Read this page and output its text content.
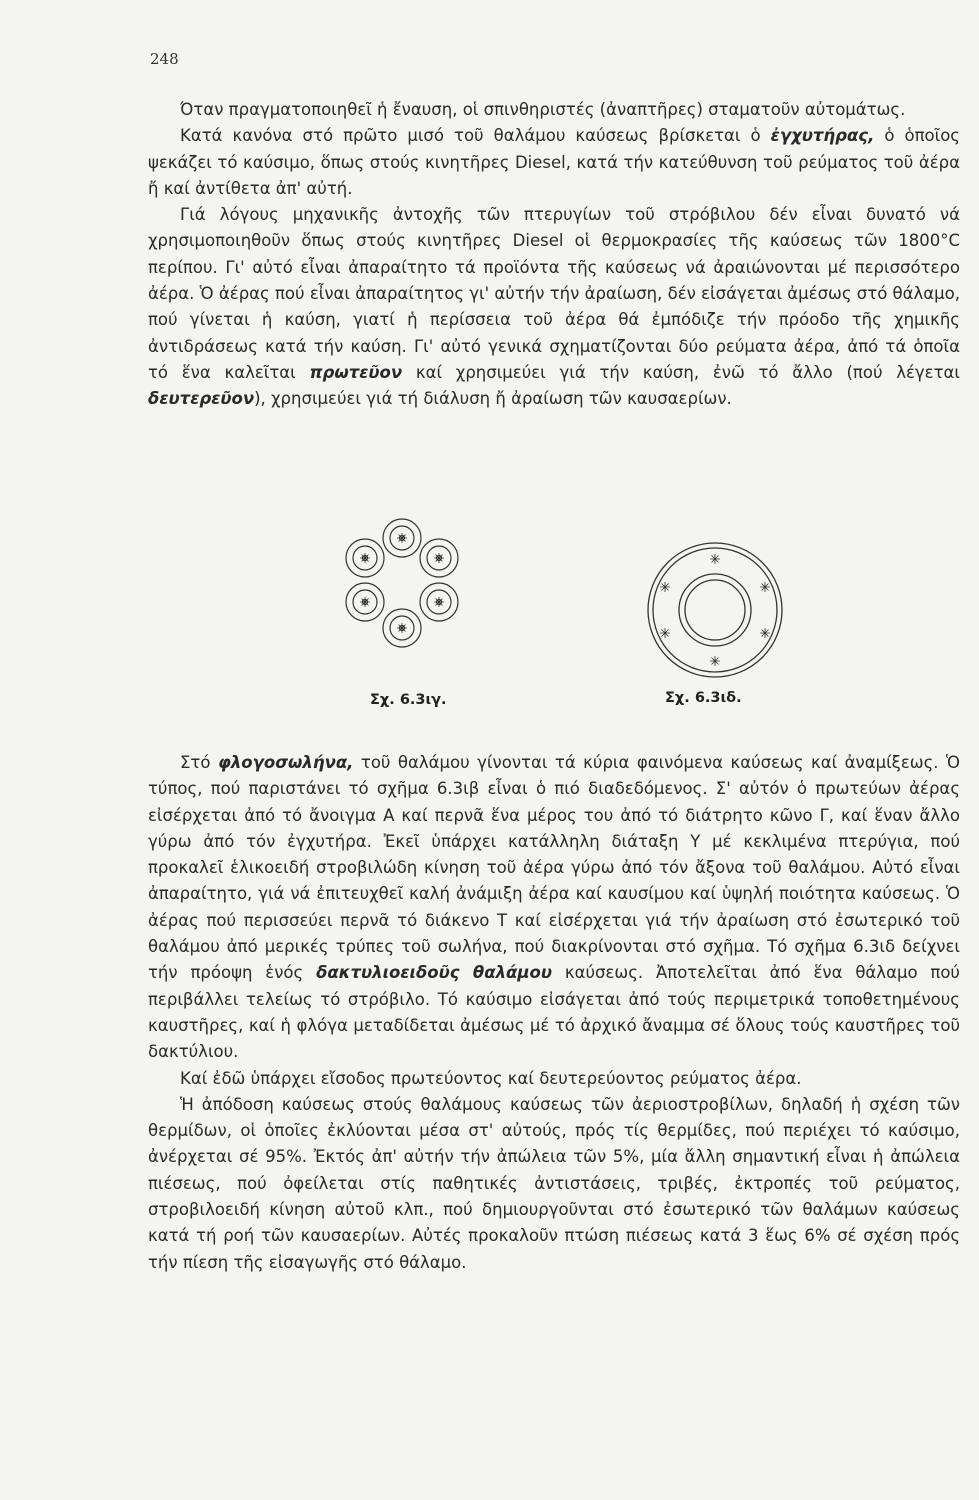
248

Όταν πραγματοποιηθεῖ ἡ ἔναυση, οἱ σπινθηριστές (ἀναπτῆρες) σταματοῦν αὐτομάτως.

Κατά κανόνα στό πρῶτο μισό τοῦ θαλάμου καύσεως βρίσκεται ὁ ἐγχυτήρας, ὁ ὁποῖος ψεκάζει τό καύσιμο, ὅπως στούς κινητῆρες Diesel, κατά τήν κατεύθυνση τοῦ ρεύματος τοῦ ἀέρα ἤ καί ἀντίθετα ἀπ' αὐτή.

Γιά λόγους μηχανικῆς ἀντοχῆς τῶν πτερυγίων τοῦ στρόβιλου δέν εἶναι δυνατό νά χρησιμοποιηθοῦν ὅπως στούς κινητῆρες Diesel οἱ θερμοκρασίες τῆς καύσεως τῶν 1800°C περίπου. Γι' αὐτό εἶναι ἀπαραίτητο τά προϊόντα τῆς καύσεως νά ἀραιώνονται μέ περισσότερο ἀέρα. Ὁ ἀέρας πού εἶναι ἀπαραίτητος γι' αὐτήν τήν ἀραίωση, δέν εἰσάγεται ἀμέσως στό θάλαμο, πού γίνεται ἡ καύση, γιατί ἡ περίσσεια τοῦ ἀέρα θά ἐμπόδιζε τήν πρόοδο τῆς χημικῆς ἀντιδράσεως κατά τήν καύση. Γι' αὐτό γενικά σχηματίζονται δύο ρεύματα ἀέρα, ἀπό τά ὁποῖα τό ἕνα καλεῖται πρωτεῦον καί χρησιμεύει γιά τήν καύση, ἐνῶ τό ἄλλο (πού λέγεται δευτερεῦον), χρησιμεύει γιά τή διάλυση ἤ ἀραίωση τῶν καυσαερίων.

Σχ. 6.3ιγ.	Σχ. 6.3ιδ.

Στό φλογοσωλήνα, τοῦ θαλάμου γίνονται τά κύρια φαινόμενα καύσεως καί ἀναμίξεως. Ὁ τύπος, πού παριστάνει τό σχῆμα 6.3ιβ εἶναι ὁ πιό διαδεδόμενος. Σ' αὐτόν ὁ πρωτεύων ἀέρας εἰσέρχεται ἀπό τό ἄνοιγμα Α καί περνᾶ ἕνα μέρος του ἀπό τό διάτρητο κῶνο Γ, καί ἕναν ἄλλο γύρω ἀπό τόν ἐγχυτήρα. Ἐκεῖ ὑπάρχει κατάλληλη διάταξη Υ μέ κεκλιμένα πτερύγια, πού προκαλεῖ ἑλικοειδή στροβιλώδη κίνηση τοῦ ἀέρα γύρω ἀπό τόν ἄξονα τοῦ θαλάμου. Αὐτό εἶναι ἀπαραίτητο, γιά νά ἐπιτευχθεῖ καλή ἀνάμιξη ἀέρα καί καυσίμου καί ὑψηλή ποιότητα καύσεως. Ὁ ἀέρας πού περισσεύει περνᾶ τό διάκενο Τ καί εἰσέρχεται γιά τήν ἀραίωση στό ἐσωτερικό τοῦ θαλάμου ἀπό μερικές τρύπες τοῦ σωλήνα, πού διακρίνονται στό σχῆμα. Τό σχῆμα 6.3ιδ δείχνει τήν πρόοψη ἑνός δακτυλιοειδοῦς θαλάμου καύσεως. Ἀποτελεῖται ἀπό ἕνα θάλαμο πού περιβάλλει τελείως τό στρόβιλο. Τό καύσιμο εἰσάγεται ἀπό τούς περιμετρικά τοποθετημένους καυστῆρες, καί ἡ φλόγα μεταδίδεται ἀμέσως μέ τό ἀρχικό ἄναμμα σέ ὅλους τούς καυστῆρες τοῦ δακτύλιου.

Καί ἐδῶ ὑπάρχει εἴσοδος πρωτεύοντος καί δευτερεύοντος ρεύματος ἀέρα.

Ἡ ἀπόδοση καύσεως στούς θαλάμους καύσεως τῶν ἀεριοστροβίλων, δηλαδή ἡ σχέση τῶν θερμίδων, οἱ ὁποῖες ἐκλύονται μέσα στ' αὐτούς, πρός τίς θερμίδες, πού περιέχει τό καύσιμο, ἀνέρχεται σέ 95%. Ἐκτός ἀπ' αὐτήν τήν ἀπώλεια τῶν 5%, μία ἄλλη σημαντική εἶναι ἡ ἀπώλεια πιέσεως, πού ὀφείλεται στίς παθητικές ἀντιστάσεις, τριβές, ἐκτροπές τοῦ ρεύματος, στροβιλοειδή κίνηση αὐτοῦ κλπ., πού δημιουργοῦνται στό ἐσωτερικό τῶν θαλάμων καύσεως κατά τή ροή τῶν καυσαερίων. Αὐτές προκαλοῦν πτώση πιέσεως κατά 3 ἕως 6% σέ σχέση πρός τήν πίεση τῆς εἰσαγωγῆς στό θάλαμο.
